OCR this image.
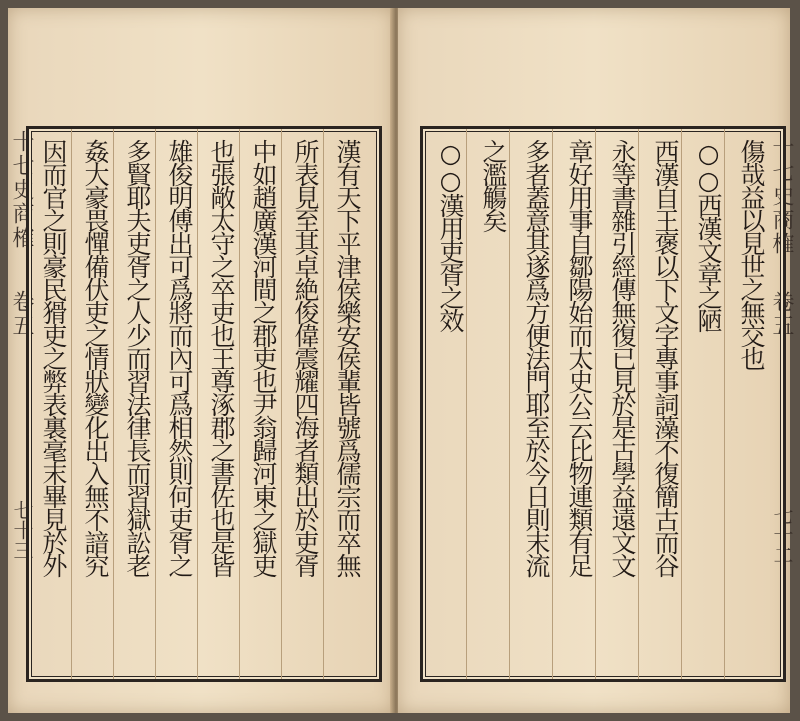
十七史商榷
卷五
七十三
十七史商榷
卷五
七十二
漢有天下平津侯樂安侯輩皆號爲儒宗而卒無
所表見至其卓絶俊偉震耀四海者類出於吏胥
中如趙廣漢河間之郡吏也尹翁歸河東之獄吏
也張敞太守之卒吏也王尊涿郡之書佐也是皆
雄俊明傅出可爲將而內可爲相然則何吏胥之
多賢耶夫吏胥之人少而習法律長而習獄訟老
姦大豪畏憚備伏吏之情狀變化出入無不諳究
因而官之則豪民猾吏之弊表裏毫末畢見於外	傷哉益以見世之無交也
○○西漢文章之陋
西漢自王褒以下文字專事詞藻不復簡古而谷
永等書雜引經傳無復已見於是古學益遠文文
章好用事自鄒陽始而太史公云比物連類有足
多者蓋意其遂爲方便法門耶至於今日則末流
之濫觴矣
○○漢用吏胥之效
